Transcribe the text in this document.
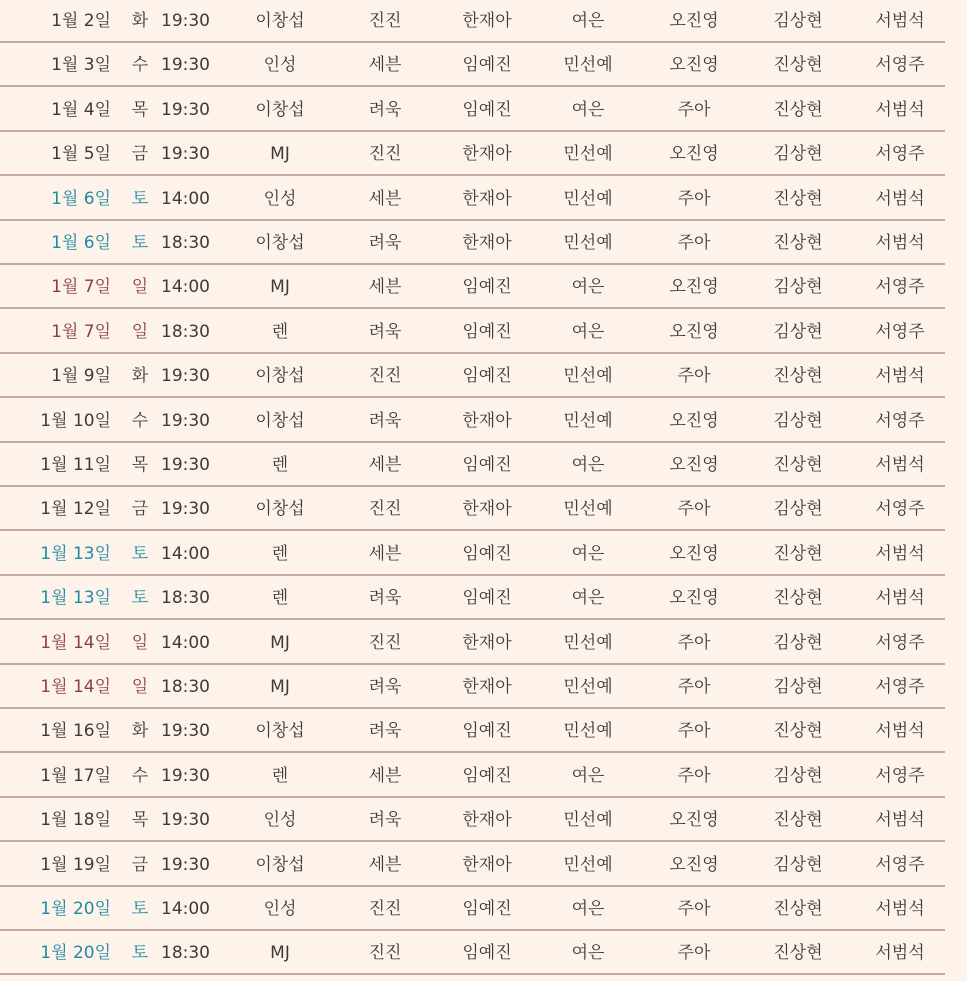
1월 2일 화 19:30	이창섭	진진	한재아	여은	오진영	김상현	서범석
1월 3일 수 19:30	인성	세븐	임예진	민선예	오진영	진상현	서영주
1월 4일 목 19:30	이창섭	려욱	임예진	여은	주아	진상현	서범석
1월 5일 금 19:30	MJ	진진	한재아	민선예	오진영	김상현	서영주
1월 6일 토 14:00	인성	세븐	한재아	민선예	주아	진상현	서범석
1월 6일 토 18:30	이창섭	려욱	한재아	민선예	주아	진상현	서범석
1월 7일 일 14:00	MJ	세븐	임예진	여은	오진영	김상현	서영주
1월 7일 일 18:30	렌	려욱	임예진	여은	오진영	김상현	서영주
1월 9일 화 19:30	이창섭	진진	임예진	민선예	주아	진상현	서범석
1월 10일 수 19:30	이창섭	려욱	한재아	민선예	오진영	김상현	서영주
1월 11일 목 19:30	렌	세븐	임예진	여은	오진영	진상현	서범석
1월 12일 금 19:30	이창섭	진진	한재아	민선예	주아	김상현	서영주
1월 13일 토 14:00	렌	세븐	임예진	여은	오진영	진상현	서범석
1월 13일 토 18:30	렌	려욱	임예진	여은	오진영	진상현	서범석
1월 14일 일 14:00	MJ	진진	한재아	민선예	주아	김상현	서영주
1월 14일 일 18:30	MJ	려욱	한재아	민선예	주아	김상현	서영주
1월 16일 화 19:30	이창섭	려욱	임예진	민선예	주아	진상현	서범석
1월 17일 수 19:30	렌	세븐	임예진	여은	주아	김상현	서영주
1월 18일 목 19:30	인성	려욱	한재아	민선예	오진영	진상현	서범석
1월 19일 금 19:30	이창섭	세븐	한재아	민선예	오진영	김상현	서영주
1월 20일 토 14:00	인성	진진	임예진	여은	주아	진상현	서범석
1월 20일 토 18:30	MJ	진진	임예진	여은	주아	진상현	서범석
